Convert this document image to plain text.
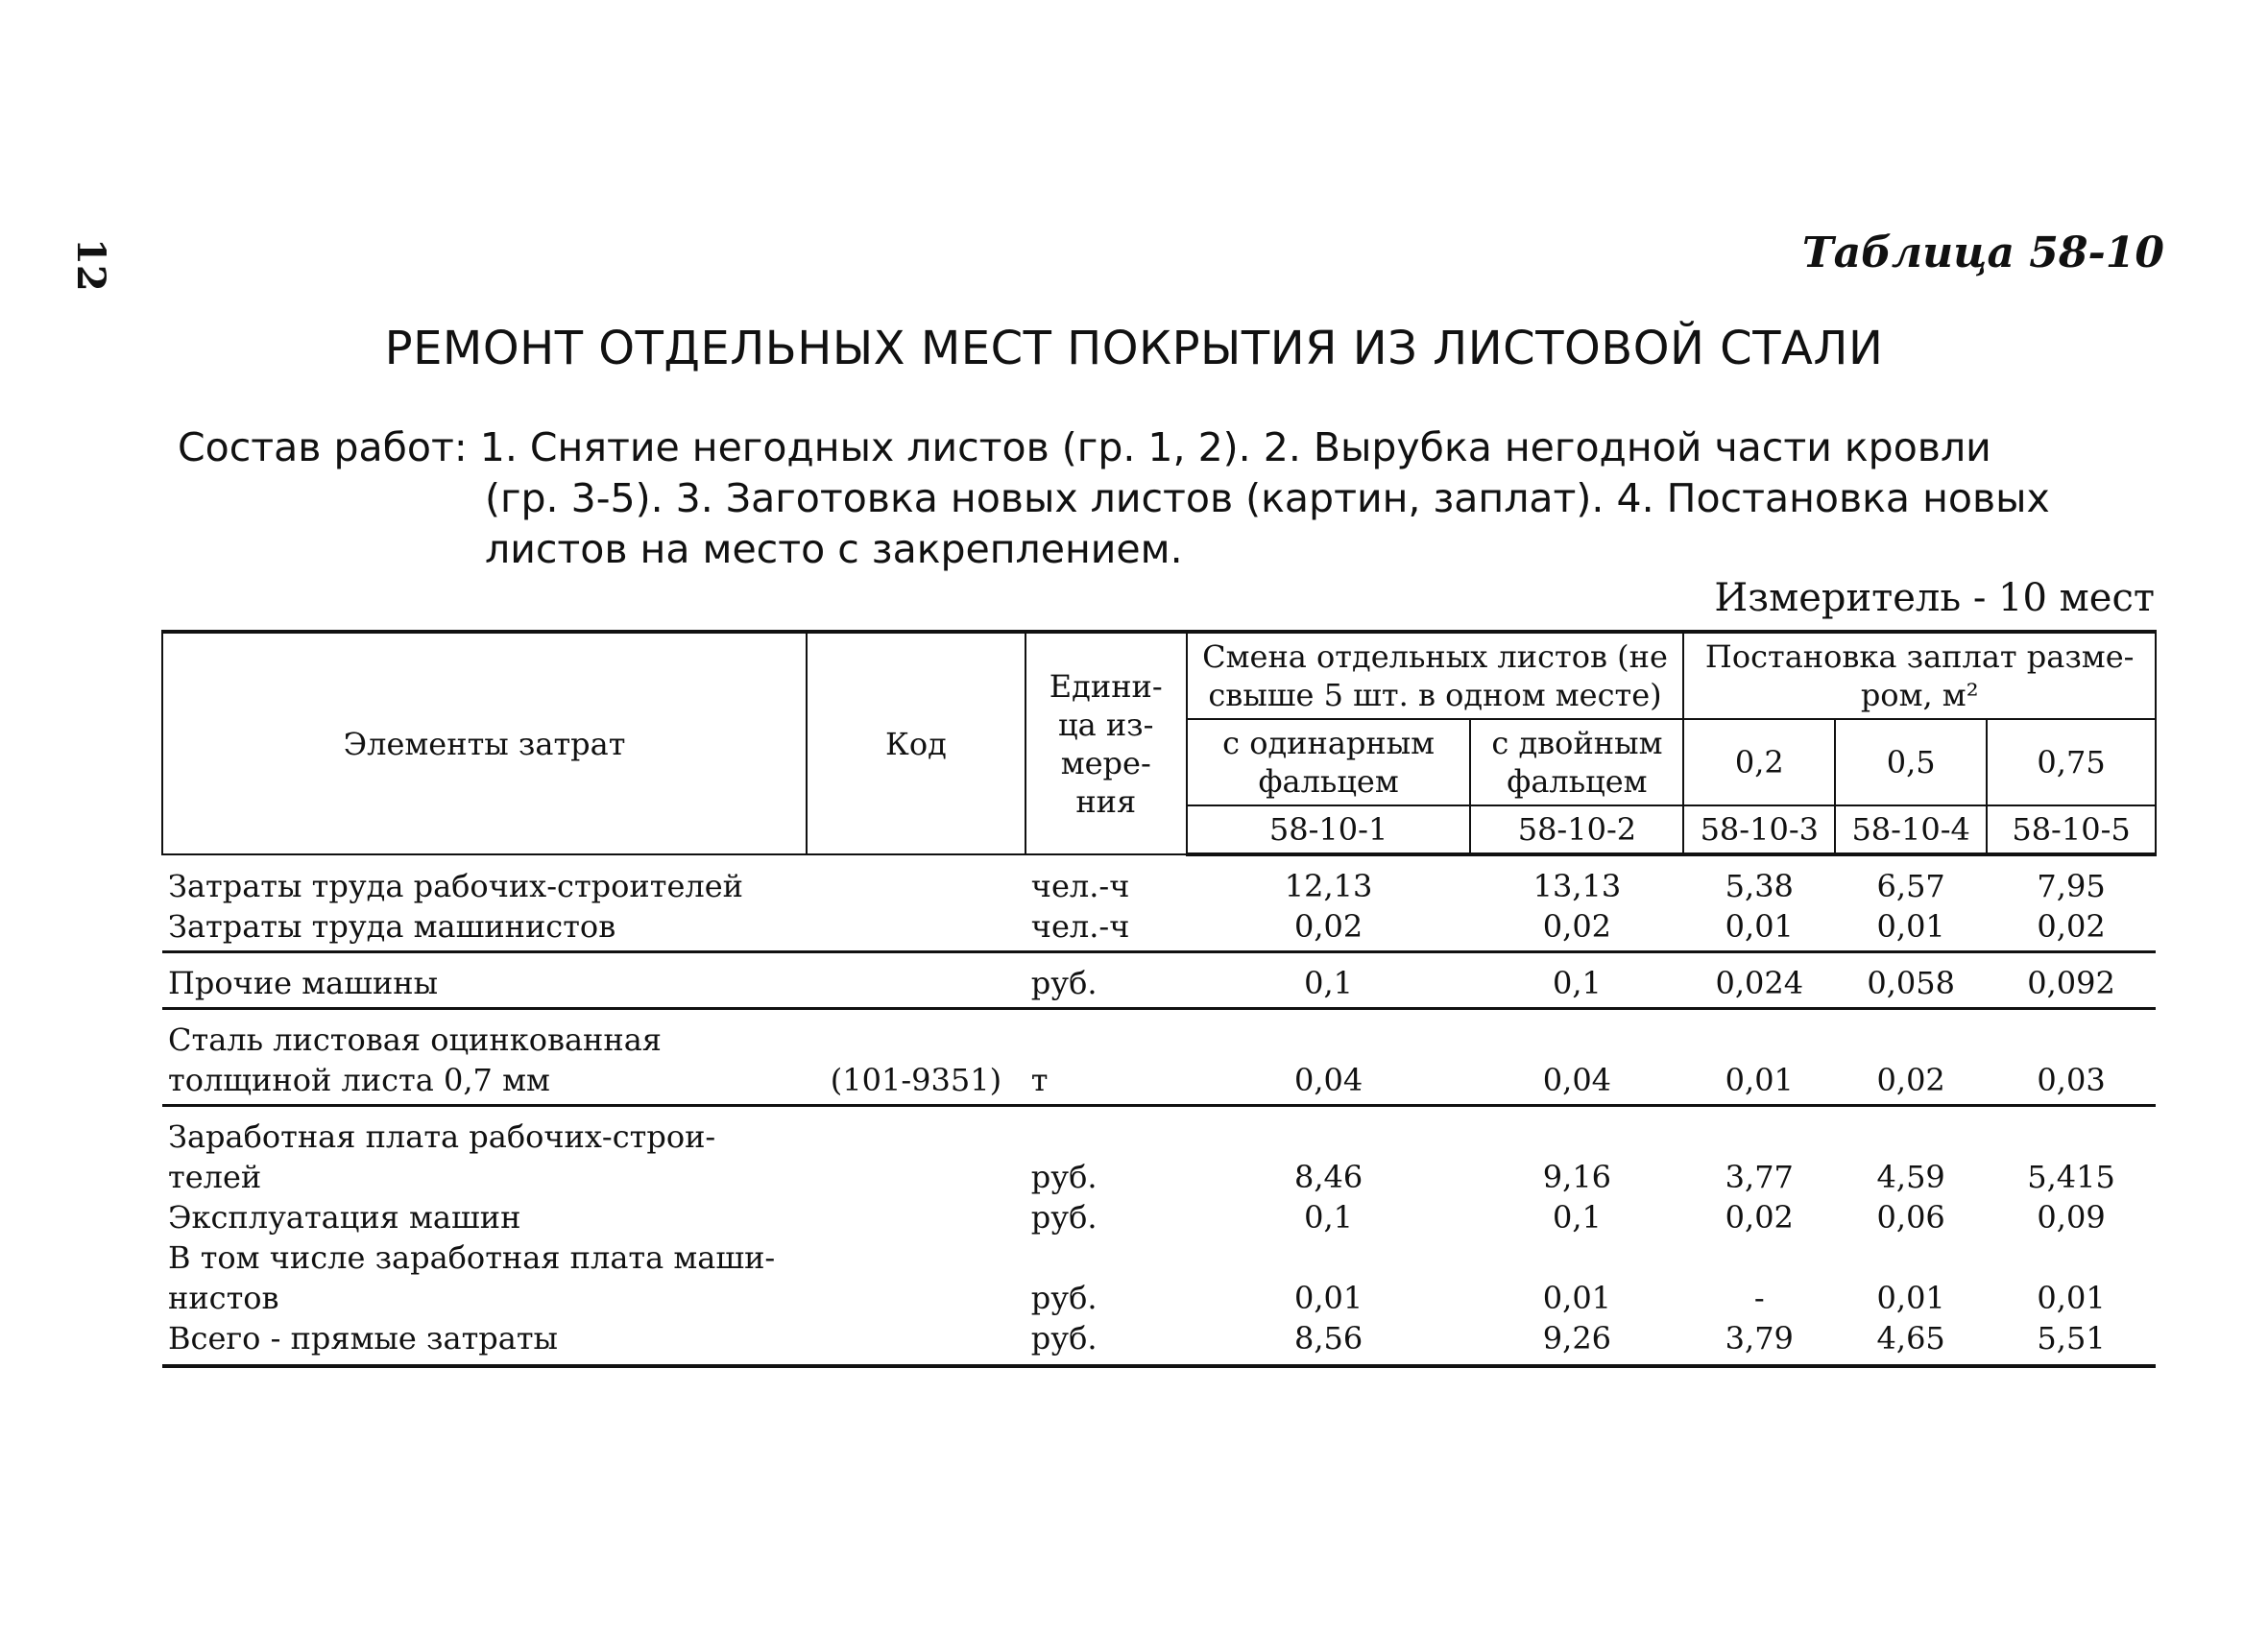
12	Таблица 58-10
РЕМОНТ ОТДЕЛЬНЫХ МЕСТ ПОКРЫТИЯ ИЗ ЛИСТОВОЙ СТАЛИ
Состав работ: 1. Снятие негодных листов (гр. 1, 2). 2. Вырубка негодной части кровли
(гр. 3-5). 3. Заготовка новых листов (картин, заплат). 4. Постановка новых
листов на место с закреплением.
Измеритель - 10 мест
Элементы затрат	Код	Едини-ца из-мере-ния	Смена отдельных листов (не свыше 5 шт. в одном месте)		Постановка заплат разме-ром, м²		
			с одинарным фальцем	с двойным фальцем	0,2	0,5	0,75
			58-10-1	58-10-2	58-10-3	58-10-4	58-10-5
Затраты труда рабочих-строителей		чел.-ч	12,13	13,13	5,38	6,57	7,95
Затраты труда машинистов		чел.-ч	0,02	0,02	0,01	0,01	0,02
Прочие машины		руб.	0,1	0,1	0,024	0,058	0,092
Сталь листовая оцинкованная
толщиной листа 0,7 мм	(101-9351)	т	0,04	0,04	0,01	0,02	0,03
Заработная плата рабочих-строи-
телей		руб.	8,46	9,16	3,77	4,59	5,415
Эксплуатация машин		руб.	0,1	0,1	0,02	0,06	0,09
В том числе заработная плата маши-
нистов		руб.	0,01	0,01	-	0,01	0,01
Всего - прямые затраты		руб.	8,56	9,26	3,79	4,65	5,51
